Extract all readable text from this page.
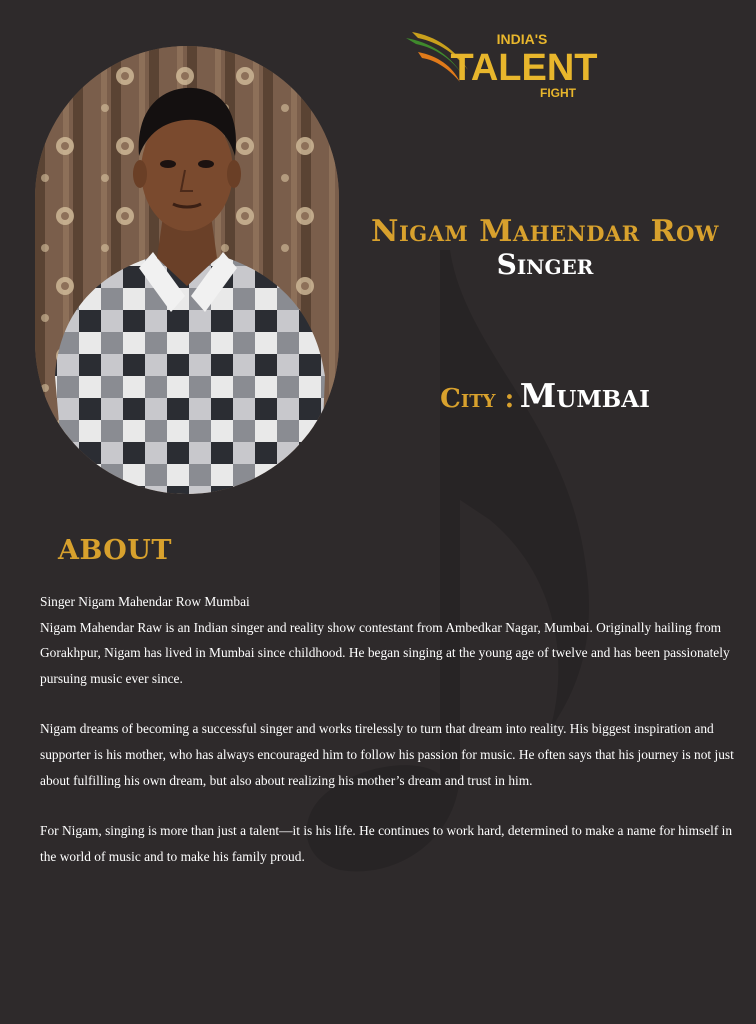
INDIA'S
TALENT
FIGHT
Nigam Mahendar Row
Singer
City : Mumbai
ABOUT

Singer Nigam Mahendar Row Mumbai
Nigam Mahendar Raw is an Indian singer and reality show contestant from Ambedkar Nagar, Mumbai. Originally hailing from Gorakhpur, Nigam has lived in Mumbai since childhood. He began singing at the young age of twelve and has been passionately pursuing music ever since.

Nigam dreams of becoming a successful singer and works tirelessly to turn that dream into reality. His biggest inspiration and supporter is his mother, who has always encouraged him to follow his passion for music. He often says that his journey is not just about fulfilling his own dream, but also about realizing his mother’s dream and trust in him.

For Nigam, singing is more than just a talent—it is his life. He continues to work hard, determined to make a name for himself in the world of music and to make his family proud.
